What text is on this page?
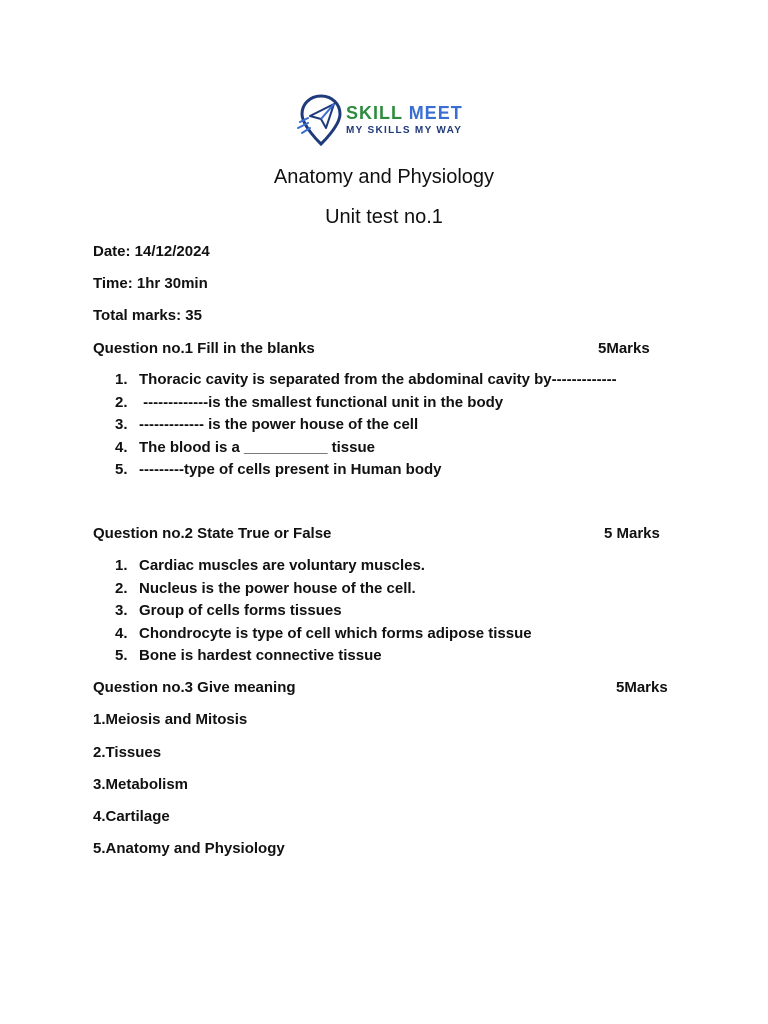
SKILL MEET
MY SKILLS MY WAY
Anatomy and Physiology
Unit test no.1
Date: 14/12/2024
Time: 1hr 30min
Total marks: 35
Question no.1 Fill in the blanks	5Marks
1. Thoracic cavity is separated from the abdominal cavity by-------------
2. -------------is the smallest functional unit in the body
3. ------------- is the power house of the cell
4. The blood is a __________ tissue
5. ---------type of cells present in Human body
Question no.2 State True or False	5 Marks
1. Cardiac muscles are voluntary muscles.
2. Nucleus is the power house of the cell.
3. Group of cells forms tissues
4. Chondrocyte is type of cell which forms adipose tissue
5. Bone is hardest connective tissue
Question no.3 Give meaning	5Marks
1.Meiosis and Mitosis
2.Tissues
3.Metabolism
4.Cartilage
5.Anatomy and Physiology
